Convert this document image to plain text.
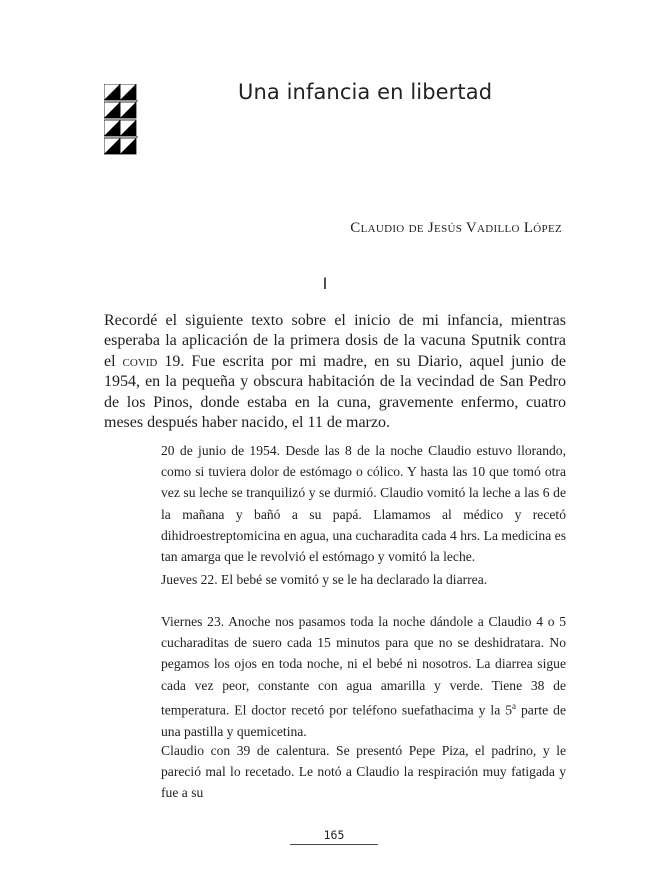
Una infancia en libertad
Claudio de Jesús Vadillo López
I

Recordé el siguiente texto sobre el inicio de mi infancia, mientras esperaba la aplicación de la primera dosis de la vacuna Sputnik contra el covid 19. Fue escrita por mi madre, en su Diario, aquel junio de 1954, en la pequeña y obscura habitación de la vecindad de San Pedro de los Pinos, donde estaba en la cuna, gravemente enfermo, cuatro meses después haber nacido, el 11 de marzo.

20 de junio de 1954. Desde las 8 de la noche Claudio estuvo llorando, como si tuviera dolor de estómago o cólico. Y hasta las 10 que tomó otra vez su leche se tranquilizó y se durmió. Claudio vomitó la leche a las 6 de la mañana y bañó a su papá. Llamamos al médico y recetó dihidroestreptomicina en agua, una cucharadita cada 4 hrs. La medicina es tan amarga que le revolvió el estómago y vomitó la leche.

Jueves 22. El bebé se vomitó y se le ha declarado la diarrea.

Viernes 23. Anoche nos pasamos toda la noche dándole a Claudio 4 o 5 cucharaditas de suero cada 15 minutos para que no se deshidratara. No pegamos los ojos en toda noche, ni el bebé ni nosotros. La diarrea sigue cada vez peor, constante con agua amarilla y verde. Tiene 38 de temperatura. El doctor recetó por teléfono suefathacima y la 5$^a$ parte de una pastilla y quemicetina.

Claudio con 39 de calentura. Se presentó Pepe Piza, el padrino, y le pareció mal lo recetado. Le notó a Claudio la respiración muy fatigada y fue a su

165
